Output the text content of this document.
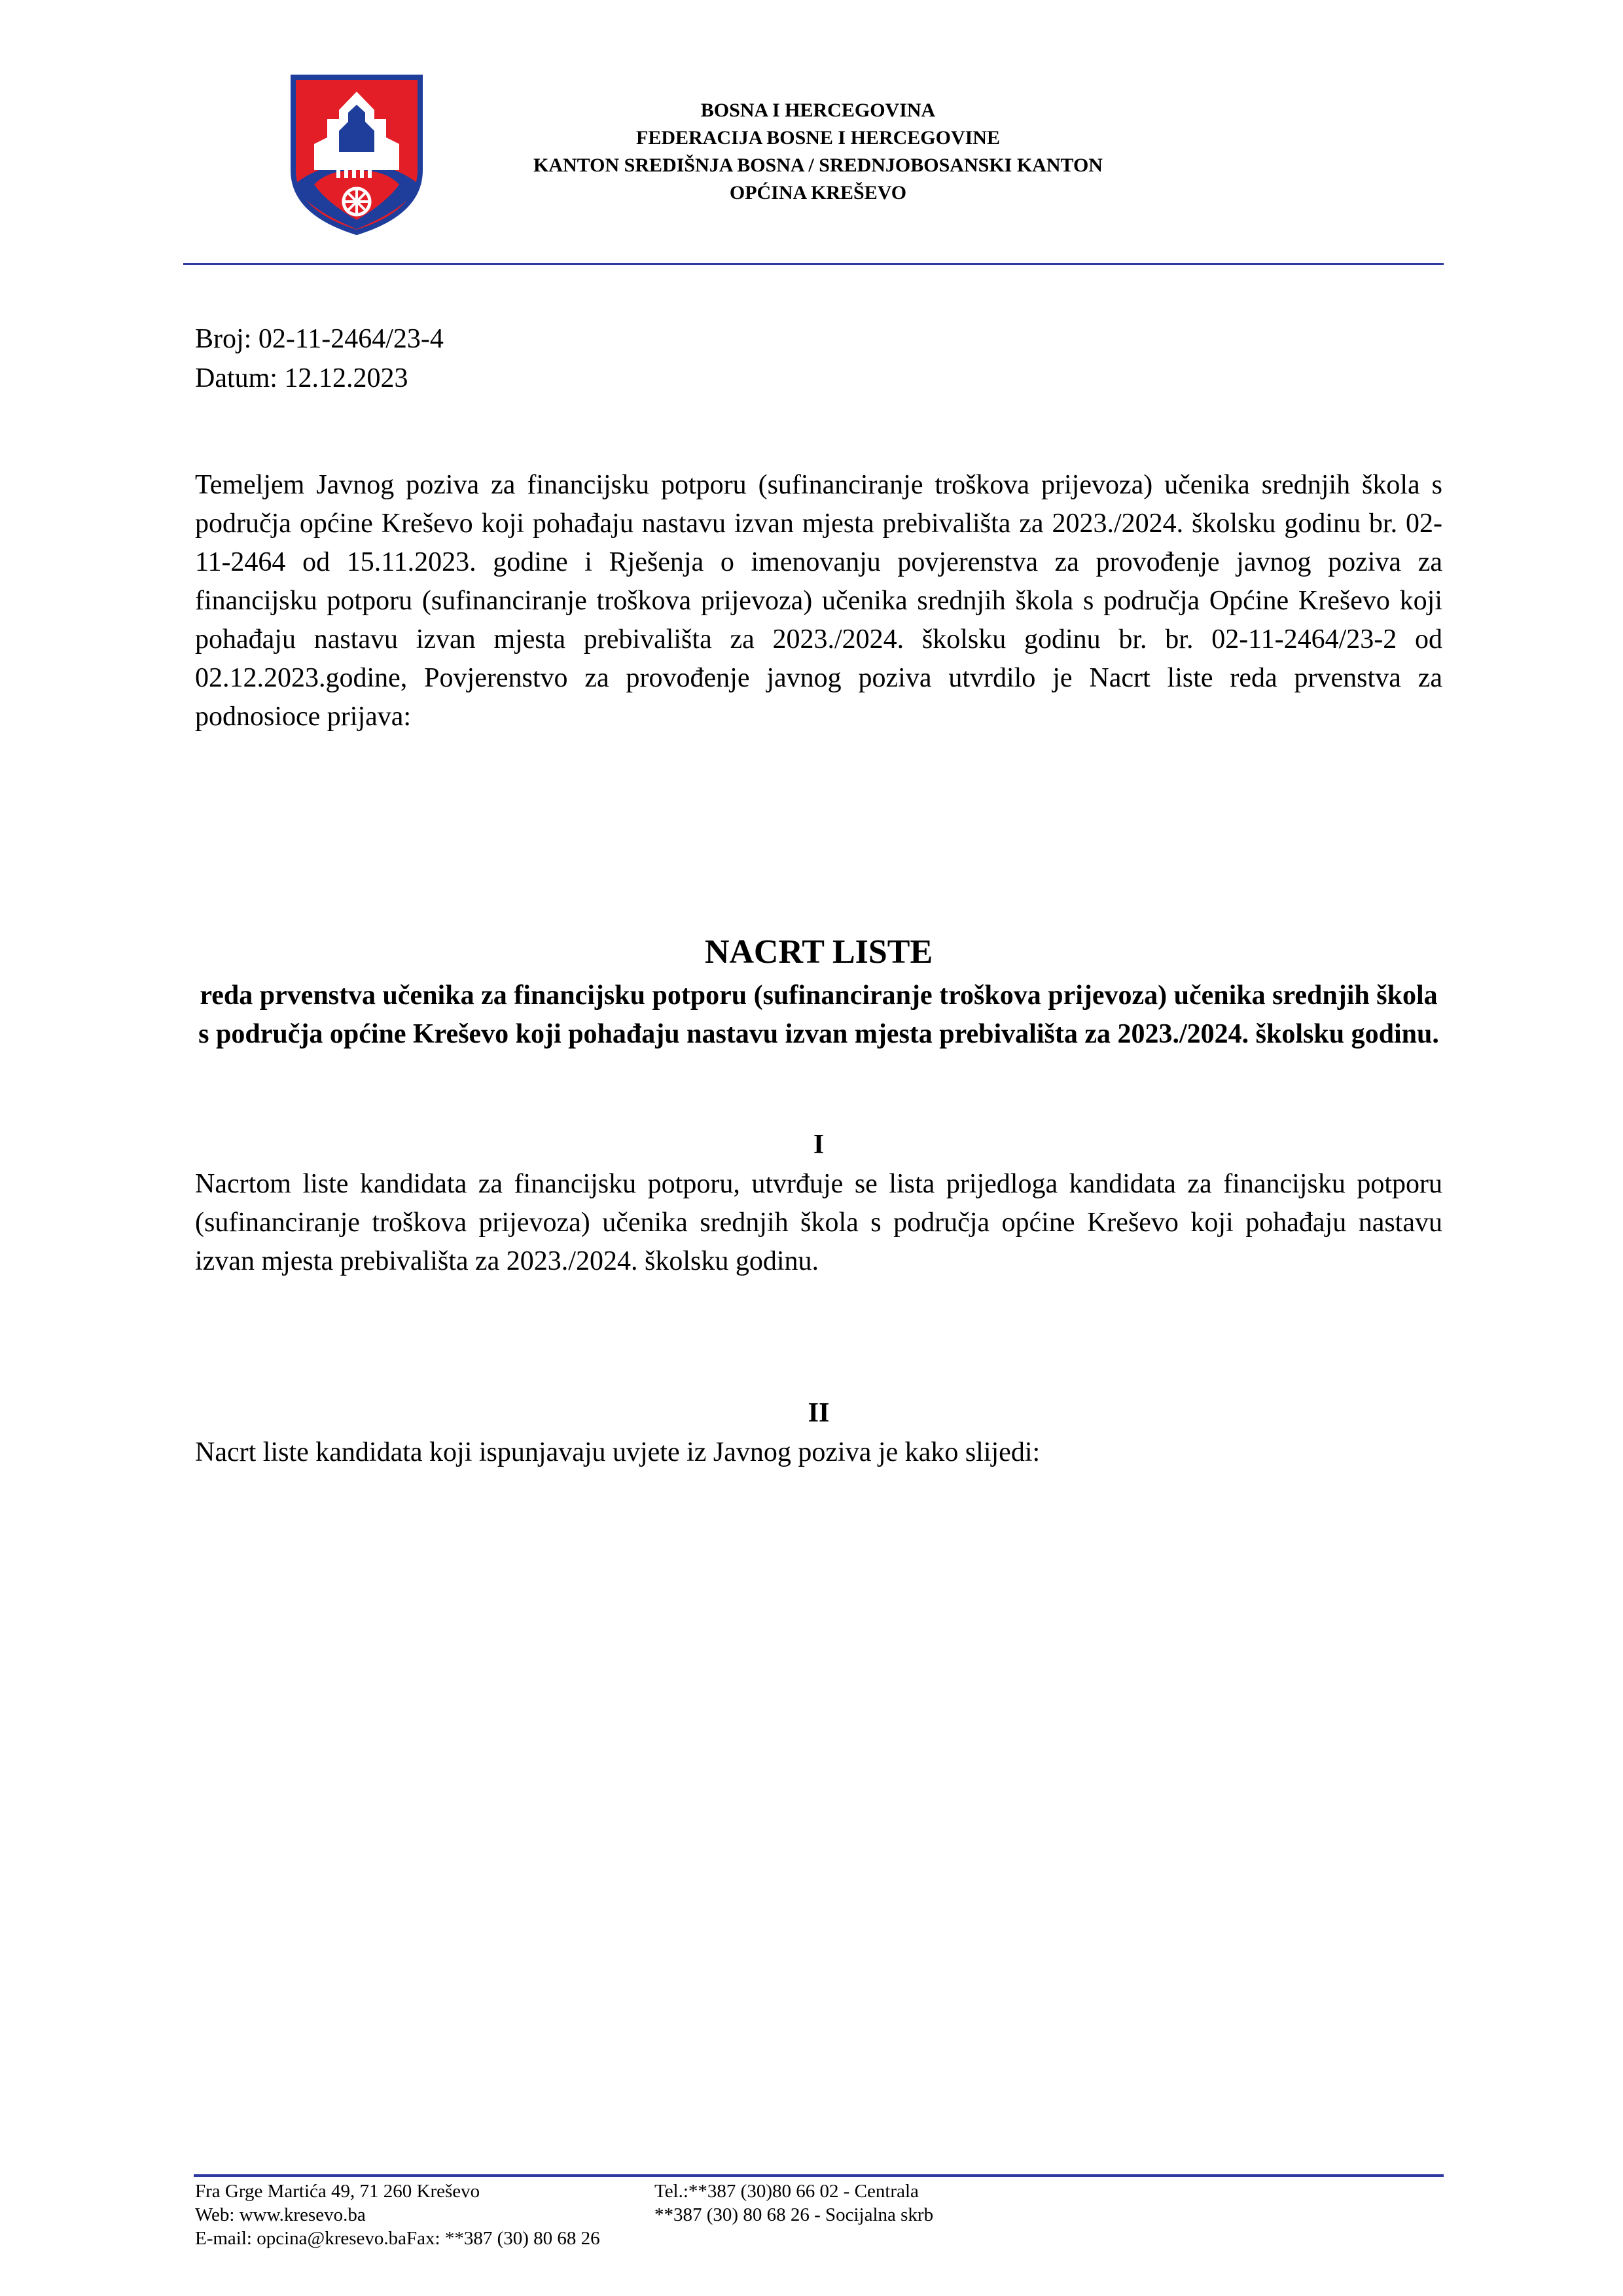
BOSNA I HERCEGOVINA
FEDERACIJA BOSNE I HERCEGOVINE
KANTON SREDIŠNJA BOSNA / SREDNJOBOSANSKI KANTON
OPĆINA KREŠEVO
Broj: 02-11-2464/23-4
Datum: 12.12.2023
Temeljem Javnog poziva za financijsku potporu (sufinanciranje troškova prijevoza) učenika srednjih škola s područja općine Kreševo koji pohađaju nastavu izvan mjesta prebivališta za 2023./2024. školsku godinu br. 02-11-2464 od 15.11.2023. godine i Rješenja o imenovanju povjerenstva za provođenje javnog poziva za financijsku potporu (sufinanciranje troškova prijevoza) učenika srednjih škola s područja Općine Kreševo koji pohađaju nastavu izvan mjesta prebivališta za 2023./2024. školsku godinu br. br. 02-11-2464/23-2 od 02.12.2023.godine, Povjerenstvo za provođenje javnog poziva utvrdilo je Nacrt liste reda prvenstva za podnosioce prijava:
NACRT LISTE
reda prvenstva učenika za financijsku potporu (sufinanciranje troškova prijevoza) učenika srednjih škola s područja općine Kreševo koji pohađaju nastavu izvan mjesta prebivališta za 2023./2024. školsku godinu.
I
Nacrtom liste kandidata za financijsku potporu, utvrđuje se lista prijedloga kandidata za financijsku potporu (sufinanciranje troškova prijevoza) učenika srednjih škola s područja općine Kreševo koji pohađaju nastavu izvan mjesta prebivališta za 2023./2024. školsku godinu.
II
Nacrt liste kandidata koji ispunjavaju uvjete iz Javnog poziva je kako slijedi:
Fra Grge Martića 49, 71 260 Kreševo
Web: www.kresevo.ba
E-mail: opcina@kresevo.baFax: **387 (30) 80 68 26
Tel.:**387 (30)80 66 02 - Centrala
**387 (30) 80 68 26 - Socijalna skrb
